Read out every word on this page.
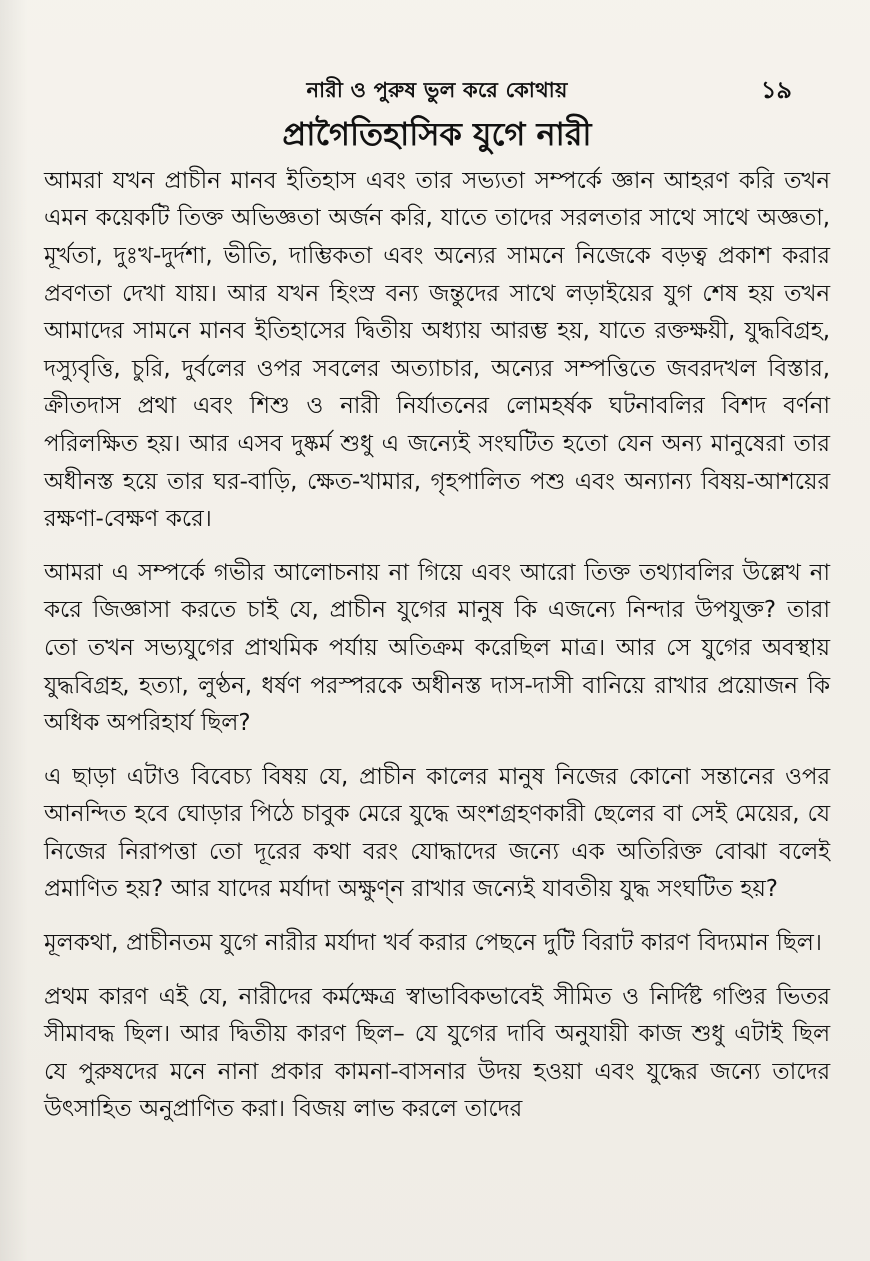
নারী ও পুরুষ ভুল করে কোথায়	১৯
প্রাগৈতিহাসিক যুগে নারী

আমরা যখন প্রাচীন মানব ইতিহাস এবং তার সভ্যতা সম্পর্কে জ্ঞান আহরণ করি তখন এমন কয়েকটি তিক্ত অভিজ্ঞতা অর্জন করি, যাতে তাদের সরলতার সাথে সাথে অজ্ঞতা, মূর্খতা, দুঃখ-দুর্দশা, ভীতি, দাম্ভিকতা এবং অন্যের সামনে নিজেকে বড়ত্ব প্রকাশ করার প্রবণতা দেখা যায়। আর যখন হিংস্র বন্য জন্তুদের সাথে লড়াইয়ের যুগ শেষ হয় তখন আমাদের সামনে মানব ইতিহাসের দ্বিতীয় অধ্যায় আরম্ভ হয়, যাতে রক্তক্ষয়ী, যুদ্ধবিগ্রহ, দস্যুবৃত্তি, চুরি, দুর্বলের ওপর সবলের অত্যাচার, অন্যের সম্পত্তিতে জবরদখল বিস্তার, ক্রীতদাস প্রথা এবং শিশু ও নারী নির্যাতনের লোমহর্ষক ঘটনাবলির বিশদ বর্ণনা পরিলক্ষিত হয়। আর এসব দুষ্কর্ম শুধু এ জন্যেই সংঘটিত হতো যেন অন্য মানুষেরা তার অধীনস্ত হয়ে তার ঘর-বাড়ি, ক্ষেত-খামার, গৃহপালিত পশু এবং অন্যান্য বিষয়-আশয়ের রক্ষণা-বেক্ষণ করে।

আমরা এ সম্পর্কে গভীর আলোচনায় না গিয়ে এবং আরো তিক্ত তথ্যাবলির উল্লেখ না করে জিজ্ঞাসা করতে চাই যে, প্রাচীন যুগের মানুষ কি এজন্যে নিন্দার উপযুক্ত? তারা তো তখন সভ্যযুগের প্রাথমিক পর্যায় অতিক্রম করেছিল মাত্র। আর সে যুগের অবস্থায় যুদ্ধবিগ্রহ, হত্যা, লুণ্ঠন, ধর্ষণ পরস্পরকে অধীনস্ত দাস-দাসী বানিয়ে রাখার প্রয়োজন কি অধিক অপরিহার্য ছিল?

এ ছাড়া এটাও বিবেচ্য বিষয় যে, প্রাচীন কালের মানুষ নিজের কোনো সন্তানের ওপর আনন্দিত হবে ঘোড়ার পিঠে চাবুক মেরে যুদ্ধে অংশগ্রহণকারী ছেলের বা সেই মেয়ের, যে নিজের নিরাপত্তা তো দূরের কথা বরং যোদ্ধাদের জন্যে এক অতিরিক্ত বোঝা বলেই প্রমাণিত হয়? আর যাদের মর্যাদা অক্ষুণ্ন রাখার জন্যেই যাবতীয় যুদ্ধ সংঘটিত হয়?

মূলকথা, প্রাচীনতম যুগে নারীর মর্যাদা খর্ব করার পেছনে দুটি বিরাট কারণ বিদ্যমান ছিল।

প্রথম কারণ এই যে, নারীদের কর্মক্ষেত্র স্বাভাবিকভাবেই সীমিত ও নির্দিষ্ট গণ্ডির ভিতর সীমাবদ্ধ ছিল। আর দ্বিতীয় কারণ ছিল– যে যুগের দাবি অনুযায়ী কাজ শুধু এটাই ছিল যে পুরুষদের মনে নানা প্রকার কামনা-বাসনার উদয় হওয়া এবং যুদ্ধের জন্যে তাদের উৎসাহিত অনুপ্রাণিত করা। বিজয় লাভ করলে তাদের
